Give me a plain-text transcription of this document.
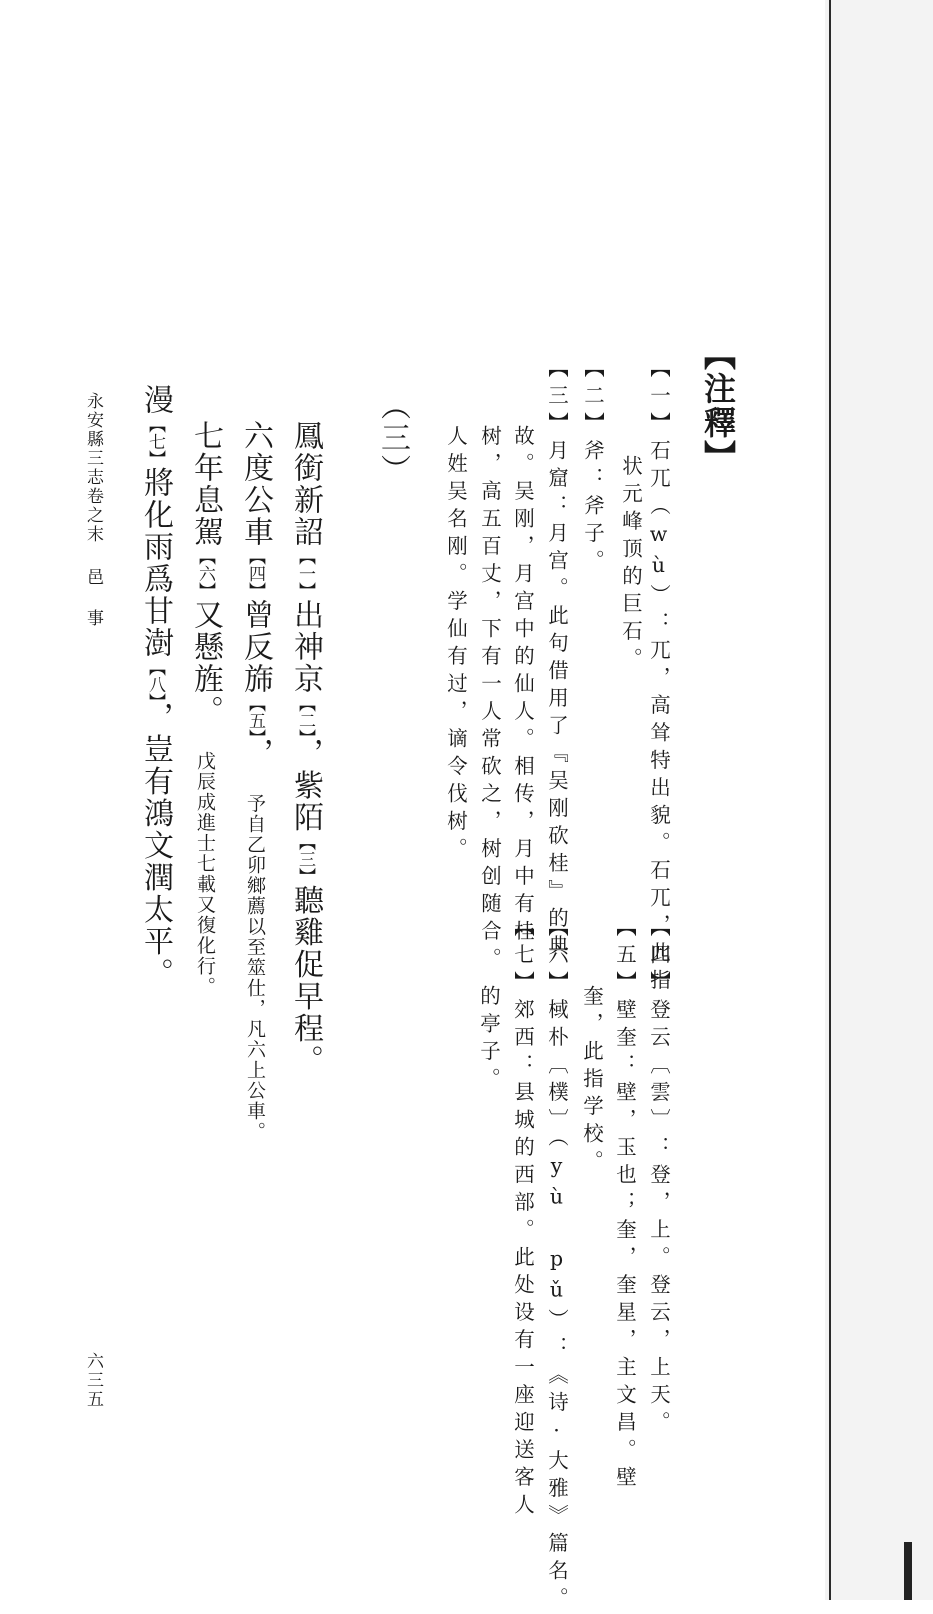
【注釋】
【一】石兀（wù）：兀，高耸特出貌。石兀，此指
状元峰顶的巨石。
【二】斧：斧子。
【三】月窟：月宫。此句借用了『吴刚砍桂』的典
故。吴刚，月宫中的仙人。相传，月中有桂
树，高五百丈，下有一人常砍之，树创随合。
人姓吴名刚。学仙有过，谪令伐树。
【四】登云〔雲〕：登，上。登云，上天。
【五】壁奎：壁，玉也；奎，奎星，主文昌。壁
奎，此指学校。
【六】棫朴〔樸〕（yù pǔ）：《诗·大雅》篇名。
【七】郊西：县城的西部。此处设有一座迎送客人
的亭子。
（三）
鳳銜新詔【一】出神京【二】，紫陌【三】聽雞促早程。
六度公車【四】曾反旆【五】，予自乙卯鄉薦以至筮仕，凡六上公車。
七年息駕【六】又懸旌。戊辰成進士七載又復化行。
漫【七】將化雨爲甘澍【八】，豈有鴻文潤太平。
永安縣三志卷之末邑 事
六三五
